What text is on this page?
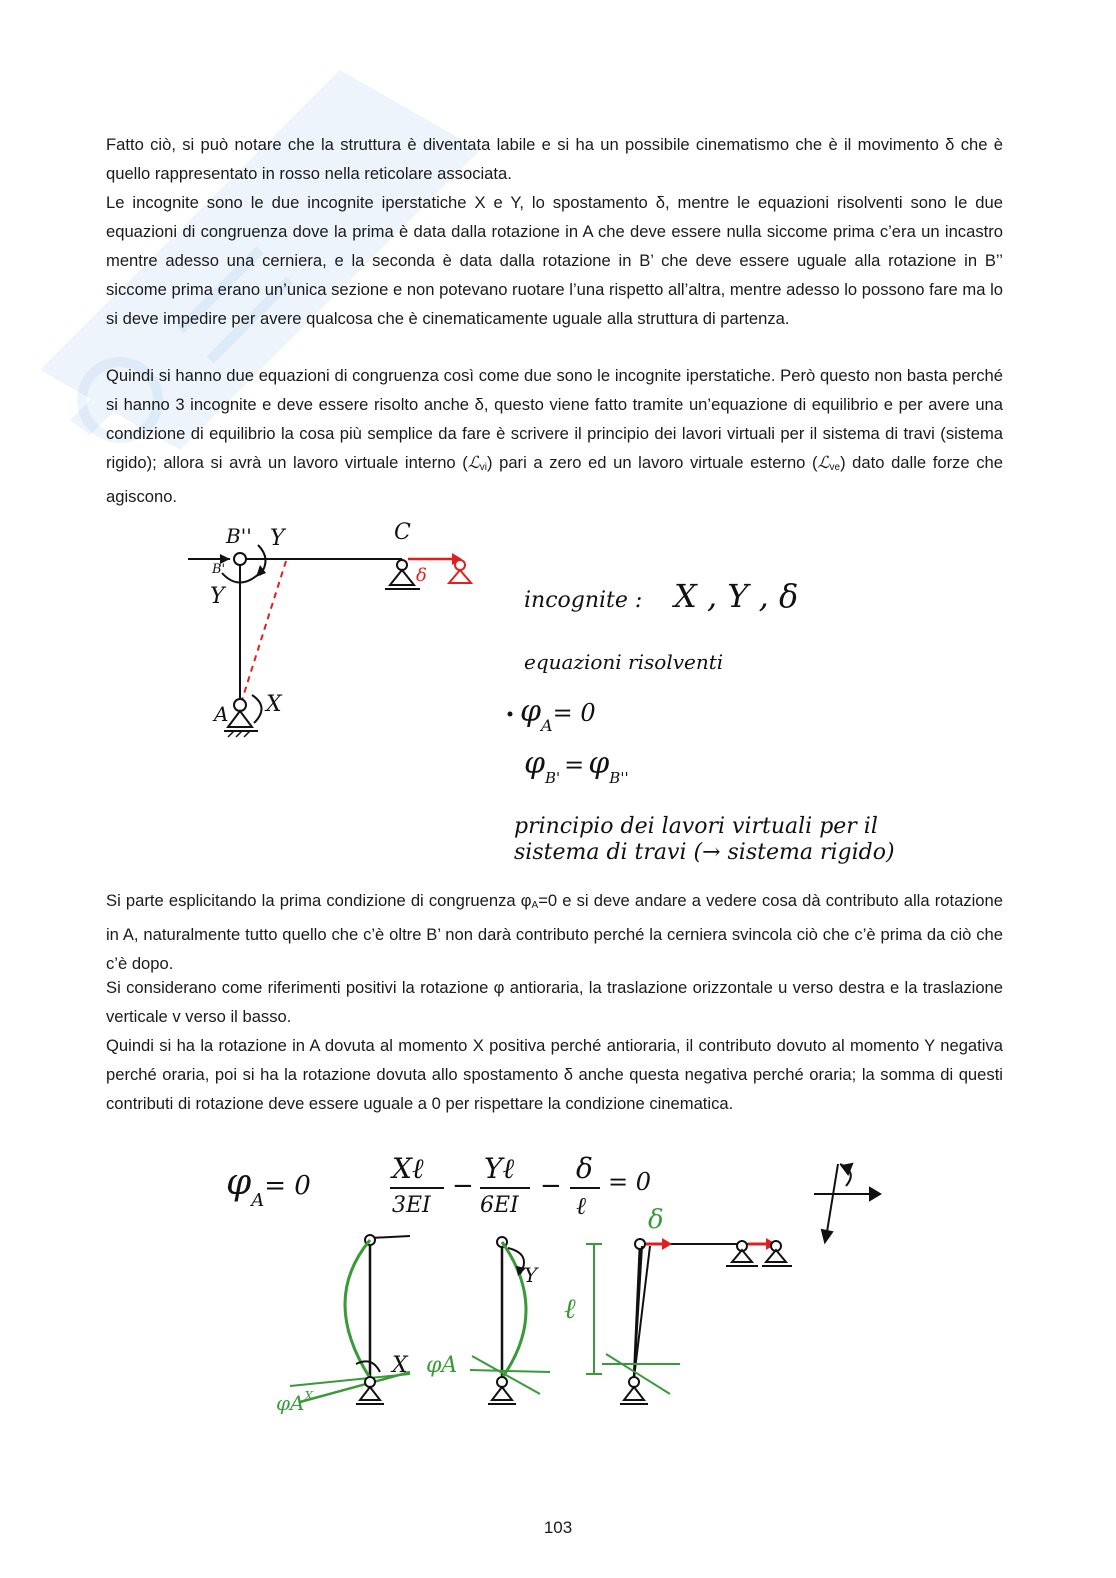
Fatto ciò, si può notare che la struttura è diventata labile e si ha un possibile cinematismo che è il movimento δ che è quello rappresentato in rosso nella reticolare associata.

Le incognite sono le due incognite iperstatiche X e Y, lo spostamento δ, mentre le equazioni risolventi sono le due equazioni di congruenza dove la prima è data dalla rotazione in A che deve essere nulla siccome prima c’era un incastro mentre adesso una cerniera, e la seconda è data dalla rotazione in B’ che deve essere uguale alla rotazione in B’’ siccome prima erano un’unica sezione e non potevano ruotare l’una rispetto all’altra, mentre adesso lo possono fare ma lo si deve impedire per avere qualcosa che è cinematicamente uguale alla struttura di partenza.

Quindi si hanno due equazioni di congruenza così come due sono le incognite iperstatiche. Però questo non basta perché si hanno 3 incognite e deve essere risolto anche δ, questo viene fatto tramite un’equazione di equilibrio e per avere una condizione di equilibrio la cosa più semplice da fare è scrivere il principio dei lavori virtuali per il sistema di travi (sistema rigido); allora si avrà un lavoro virtuale interno (ℒ$_{vi}$) pari a zero ed un lavoro virtuale esterno (ℒ$_{ve}$) dato dalle forze che agiscono.

B''
B'
Y
Y
C
δ
A X
incognite : X , Y , δ
equazioni risolventi
$\varphi_A^{= 0}$
$\varphi_{B'}$ = $\varphi_{B''}$
principio dei lavori virtuali per il
sistema di travi (→ sistema rigido)

Si parte esplicitando la prima condizione di congruenza $\varphi_A=0$ e si deve andare a vedere cosa dà contributo alla rotazione in A, naturalmente tutto quello che c’è oltre B’ non darà contributo perché la cerniera svincola ciò che c’è prima da ciò che c’è dopo.

Si considerano come riferimenti positivi la rotazione φ antioraria, la traslazione orizzontale u verso destra e la traslazione verticale v verso il basso.

Quindi si ha la rotazione in A dovuta al momento X positiva perché antioraria, il contributo dovuto al momento Y negativa perché oraria, poi si ha la rotazione dovuta allo spostamento δ anche questa negativa perché oraria; la somma di questi contributi di rotazione deve essere uguale a 0 per rispettare la condizione cinematica.

$\varphi_A^{= 0}$
Xℓ
3EI
−
Yℓ
6EI
−
δ
ℓ
= 0
X
$\varphi A^X$
Y
φA
δ
ℓ
103
